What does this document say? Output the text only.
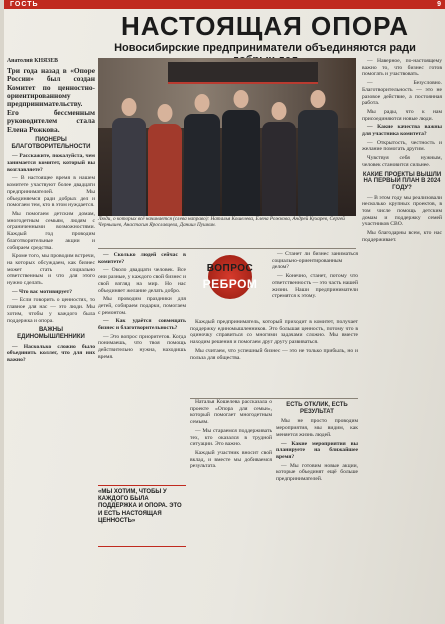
ГОСТЬ	9
НАСТОЯЩАЯ ОПОРА
Новосибирские предприниматели объединяются ради

Анатолий КНЯЗЕВ

Три года назад в «Опоре России» был создан Комитет по ценностно-ориентированному предпринимательству. Его бессменным руководителем стала Елена Рожкова.

ПИОНЕРЫ БЛАГОТВОРИТЕЛЬНОСТИ

— Расскажите, пожалуйста, чем занимается комитет, который вы возглавляете?

— В настоящее время в нашем комитете участвуют более двадцати предпринимателей. Мы объединяемся ради добрых дел и помогаем тем, кто в этом нуждается.

Мы помогаем детским домам, многодетным семьям, людям с ограниченными возможностями. Каждый год проводим благотворительные акции и собираем средства.

Кроме того, мы проводим встречи, на которых обсуждаем, как бизнес может стать социально ответственным и что для этого нужно сделать.

— Что вас мотивирует?

— Если говорить о ценностях, то главное для нас — это люди. Мы хотим, чтобы у каждого была поддержка и опора.

ВАЖНЫ ЕДИНОМЫШЛЕННИКИ

— Насколько сложно было объединить коллег, что для них важно?

Люди, о которых всё начинается (слева направо): Наталья Кошелева, Елена Рожкова, Андрей Кухарев, Сергей Чернышев, Анастасия Ярославцева, Даниил Пушкин.

— Станет ли бизнес заниматься социально-ориентированным делом?

— Конечно, станет, потому что ответственность — это часть нашей жизни. Наши предприниматели стремятся к этому.

Каждый предприниматель, который приходит в комитет, получает поддержку единомышленников. Это большая ценность, потому что в одиночку справиться со многими задачами сложно. Мы вместе находим решения и помогаем друг другу развиваться.

Мы считаем, что успешный бизнес — это не только прибыль, но и польза для общества.

ВОПРОС
РЕБРОМ

— Сколько людей сейчас в комитете?

— Около двадцати человек. Все они разные, у каждого свой бизнес и свой взгляд на мир. Но нас объединяет желание делать добро.

Мы проводим праздники для детей, собираем подарки, помогаем с ремонтом.

— Как удаётся совмещать бизнес и благотворительность?

— Это вопрос приоритетов. Когда понимаешь, что твоя помощь действительно нужна, находишь время.

«МЫ ХОТИМ, ЧТОБЫ У КАЖДОГО БЫЛА ПОДДЕРЖКА И ОПОРА. ЭТО И ЕСТЬ НАСТОЯЩАЯ ЦЕННОСТЬ»

Наталья Кошелева рассказала о проекте «Опора для семьи», который помогает многодетным семьям.

— Мы стараемся поддерживать тех, кто оказался в трудной ситуации. Это важно.

Каждый участник вносит свой вклад, и вместе мы добиваемся результата.

ЕСТЬ ОТКЛИК, ЕСТЬ РЕЗУЛЬТАТ

Мы не просто проводим мероприятия, мы видим, как меняется жизнь людей.

— Какие мероприятия вы планируете на ближайшее время?

— Мы готовим новые акции, которые объединят ещё больше предпринимателей.

— Наверное, по-настоящему важно то, что бизнес готов помогать и участвовать.

— Безусловно. Благотворительность — это не разовое действие, а постоянная работа.

Мы рады, что к нам присоединяются новые люди.

— Какие качества важны для участника комитета?

— Открытость, честность и желание помогать другим.

Чувствуя себя нужным, человек становится сильнее.

КАКИЕ ПРОЕКТЫ ВЫШЛИ НА ПЕРВЫЙ ПЛАН В 2024 ГОДУ?

— В этом году мы реализовали несколько крупных проектов, в том числе помощь детским домам и поддержку семей участников СВО.

Мы благодарны всем, кто нас поддерживает.
